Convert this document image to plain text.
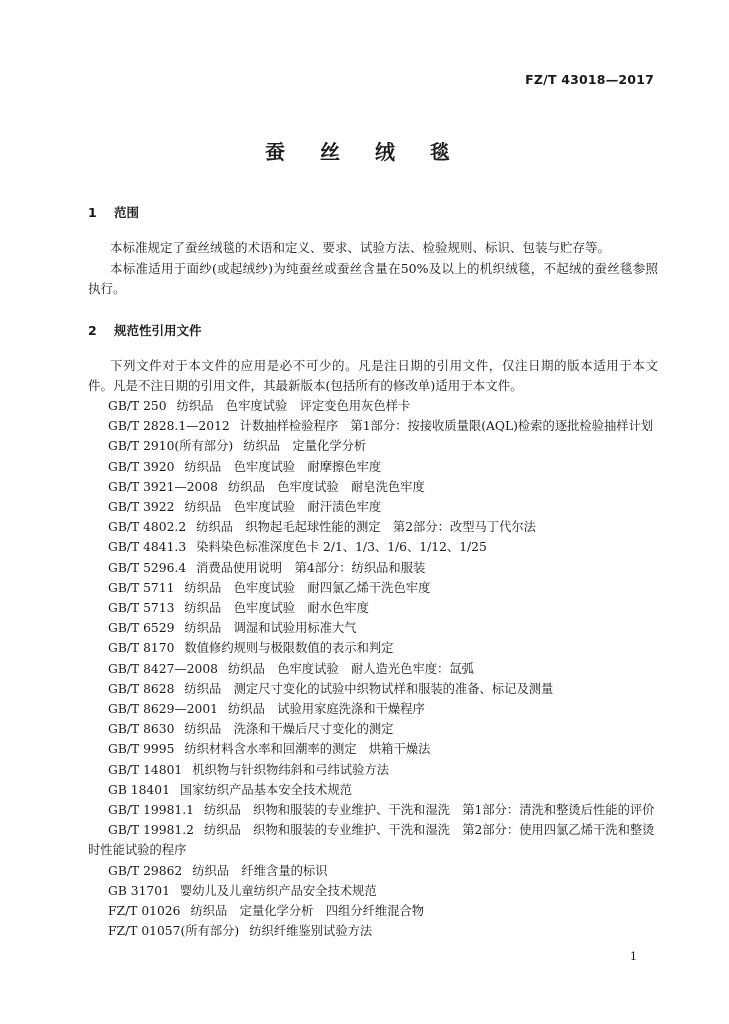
FZ/T 43018—2017
蚕 丝 绒 毯
1 范围
本标准规定了蚕丝绒毯的术语和定义、要求、试验方法、检验规则、标识、包装与贮存等。
本标准适用于面纱(或起绒纱)为纯蚕丝或蚕丝含量在50%及以上的机织绒毯，不起绒的蚕丝毯参照执行。
2 规范性引用文件
下列文件对于本文件的应用是必不可少的。凡是注日期的引用文件，仅注日期的版本适用于本文件。凡是不注日期的引用文件，其最新版本(包括所有的修改单)适用于本文件。
GB/T 250 纺织品　色牢度试验　评定变色用灰色样卡
GB/T 2828.1—2012 计数抽样检验程序　第1部分：按接收质量限(AQL)检索的逐批检验抽样计划
GB/T 2910(所有部分) 纺织品　定量化学分析
GB/T 3920 纺织品　色牢度试验　耐摩擦色牢度
GB/T 3921—2008 纺织品　色牢度试验　耐皂洗色牢度
GB/T 3922 纺织品　色牢度试验　耐汗渍色牢度
GB/T 4802.2 纺织品　织物起毛起球性能的测定　第2部分：改型马丁代尔法
GB/T 4841.3 染料染色标准深度色卡 2/1、1/3、1/6、1/12、1/25
GB/T 5296.4 消费品使用说明　第4部分：纺织品和服装
GB/T 5711 纺织品　色牢度试验　耐四氯乙烯干洗色牢度
GB/T 5713 纺织品　色牢度试验　耐水色牢度
GB/T 6529 纺织品　调湿和试验用标准大气
GB/T 8170 数值修约规则与极限数值的表示和判定
GB/T 8427—2008 纺织品　色牢度试验　耐人造光色牢度：氙弧
GB/T 8628 纺织品　测定尺寸变化的试验中织物试样和服装的准备、标记及测量
GB/T 8629—2001 纺织品　试验用家庭洗涤和干燥程序
GB/T 8630 纺织品　洗涤和干燥后尺寸变化的测定
GB/T 9995 纺织材料含水率和回潮率的测定　烘箱干燥法
GB/T 14801 机织物与针织物纬斜和弓纬试验方法
GB 18401 国家纺织产品基本安全技术规范
GB/T 19981.1 纺织品　织物和服装的专业维护、干洗和湿洗　第1部分：清洗和整烫后性能的评价
GB/T 19981.2 纺织品　织物和服装的专业维护、干洗和湿洗　第2部分：使用四氯乙烯干洗和整烫时性能试验的程序
GB/T 29862 纺织品　纤维含量的标识
GB 31701 婴幼儿及儿童纺织产品安全技术规范
FZ/T 01026 纺织品　定量化学分析　四组分纤维混合物
FZ/T 01057(所有部分) 纺织纤维鉴别试验方法
1
